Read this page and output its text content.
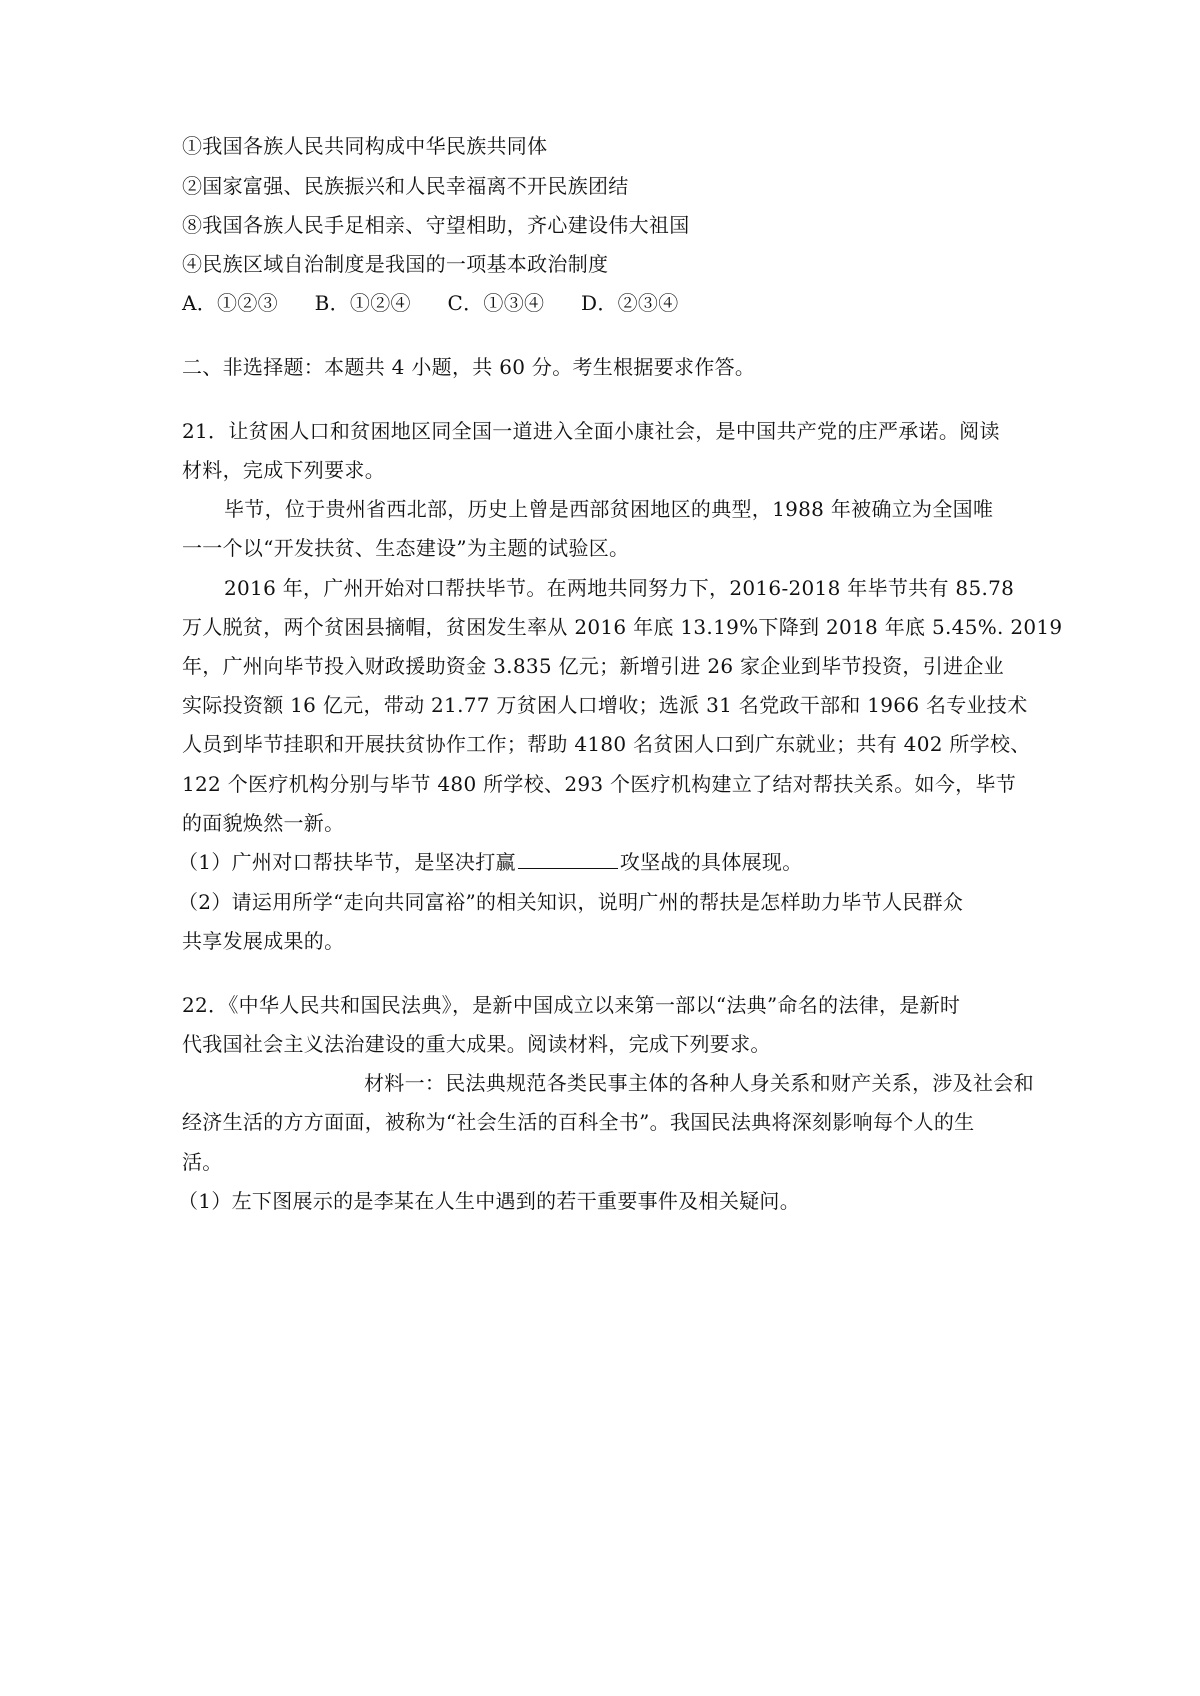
①我国各族人民共同构成中华民族共同体
②国家富强、民族振兴和人民幸福离不开民族团结
⑧我国各族人民手足相亲、守望相助，齐心建设伟大祖国
④民族区域自治制度是我国的一项基本政治制度
A．①②③ B．①②④ C．①③④ D．②③④
二、非选择题：本题共 4 小题，共 60 分。考生根据要求作答。
21．让贫困人口和贫困地区同全国一道进入全面小康社会，是中国共产党的庄严承诺。阅读
材料，完成下列要求。
毕节，位于贵州省西北部，历史上曾是西部贫困地区的典型，1988 年被确立为全国唯
一一个以“开发扶贫、生态建设”为主题的试验区。
2016 年，广州开始对口帮扶毕节。在两地共同努力下，2016-2018 年毕节共有 85.78
万人脱贫，两个贫困县摘帽，贫困发生率从 2016 年底 13.19%下降到 2018 年底 5.45%. 2019
年，广州向毕节投入财政援助资金 3.835 亿元；新增引进 26 家企业到毕节投资，引进企业
实际投资额 16 亿元，带动 21.77 万贫困人口增收；选派 31 名党政干部和 1966 名专业技术
人员到毕节挂职和开展扶贫协作工作；帮助 4180 名贫困人口到广东就业；共有 402 所学校、
122 个医疗机构分别与毕节 480 所学校、293 个医疗机构建立了结对帮扶关系。如今，毕节
的面貌焕然一新。
（1）广州对口帮扶毕节，是坚决打赢	攻坚战的具体展现。
（2）请运用所学“走向共同富裕”的相关知识，说明广州的帮扶是怎样助力毕节人民群众
共享发展成果的。
22．《中华人民共和国民法典》，是新中国成立以来第一部以“法典”命名的法律，是新时
代我国社会主义法治建设的重大成果。阅读材料，完成下列要求。
材料一：民法典规范各类民事主体的各种人身关系和财产关系，涉及社会和
经济生活的方方面面，被称为“社会生活的百科全书”。我国民法典将深刻影响每个人的生
活。
（1）左下图展示的是李某在人生中遇到的若干重要事件及相关疑问。
